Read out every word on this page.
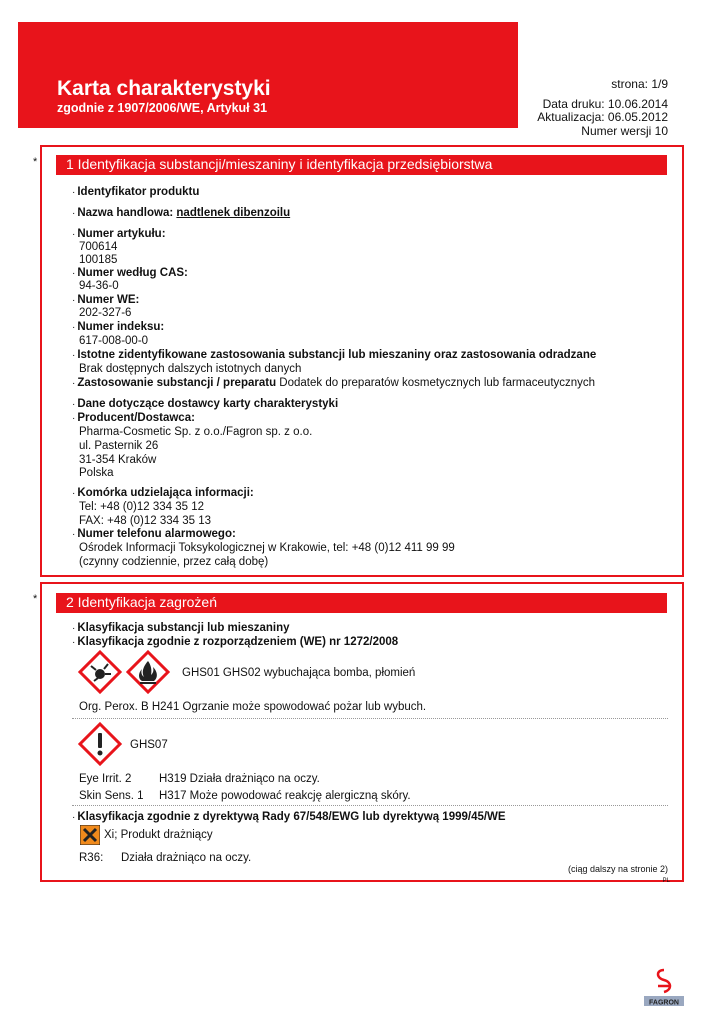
Karta charakterystyki
zgodnie z 1907/2006/WE, Artykuł 31
strona: 1/9
Data druku: 10.06.2014
Aktualizacja: 06.05.2012
Numer wersji 10
* 1 Identyfikacja substancji/mieszaniny i identyfikacja przedsiębiorstwa
· Identyfikator produktu
· Nazwa handlowa: nadtlenek dibenzoilu
· Numer artykułu:
700614
100185
· Numer według CAS:
94-36-0
· Numer WE:
202-327-6
· Numer indeksu:
617-008-00-0
· Istotne zidentyfikowane zastosowania substancji lub mieszaniny oraz zastosowania odradzane
Brak dostępnych dalszych istotnych danych
· Zastosowanie substancji / preparatu Dodatek do preparatów kosmetycznych lub farmaceutycznych
· Dane dotyczące dostawcy karty charakterystyki
· Producent/Dostawca:
Pharma-Cosmetic Sp. z o.o./Fagron sp. z o.o.
ul. Pasternik 26
31-354 Kraków
Polska
· Komórka udzielająca informacji:
Tel: +48 (0)12 334 35 12
FAX: +48 (0)12 334 35 13
· Numer telefonu alarmowego:
Ośrodek Informacji Toksykologicznej w Krakowie, tel: +48 (0)12 411 99 99
(czynny codziennie, przez całą dobę)
* 2 Identyfikacja zagrożeń
· Klasyfikacja substancji lub mieszaniny
· Klasyfikacja zgodnie z rozporządzeniem (WE) nr 1272/2008
GHS01 GHS02 wybuchająca bomba, płomień
Org. Perox. B H241 Ogrzanie może spowodować pożar lub wybuch.
GHS07
Eye Irrit. 2 H319 Działa drażniąco na oczy.
Skin Sens. 1 H317 Może powodować reakcję alergiczną skóry.
· Klasyfikacja zgodnie z dyrektywą Rady 67/548/EWG lub dyrektywą 1999/45/WE
Xi; Produkt drażniący
R36: Działa drażniąco na oczy.
(ciąg dalszy na stronie 2)
PL
FAGRON
